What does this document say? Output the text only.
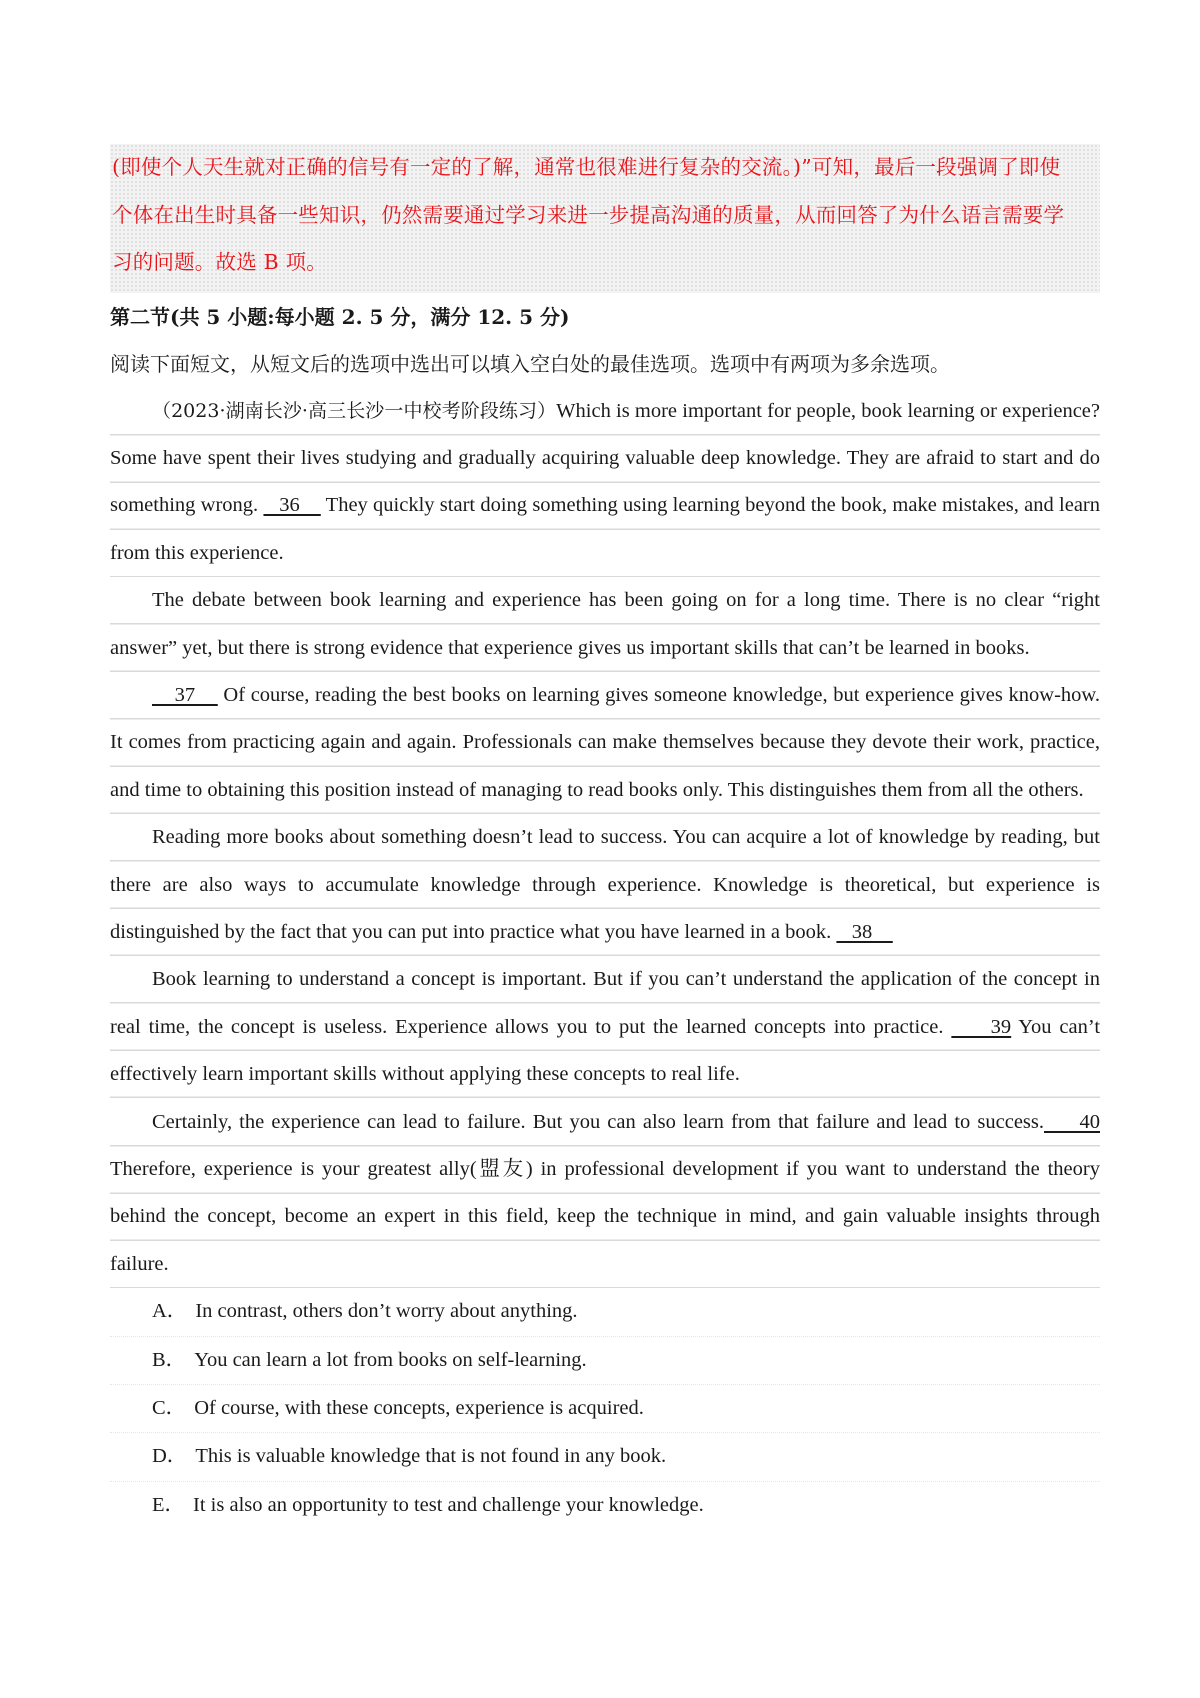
(即使个人天生就对正确的信号有一定的了解，通常也很难进行复杂的交流。)”可知，最后一段强调了即使

个体在出生时具备一些知识，仍然需要通过学习来进一步提高沟通的质量，从而回答了为什么语言需要学

习的问题。故选 B 项。

第二节(共 5 小题:每小题 2. 5 分，满分 12. 5 分)

阅读下面短文，从短文后的选项中选出可以填入空白处的最佳选项。选项中有两项为多余选项。

（2023·湖南长沙·高三长沙一中校考阶段练习）Which is more important for people, book learning or experience? Some have spent their lives studying and gradually acquiring valuable deep knowledge. They are afraid to start and do something wrong.    36     They quickly start doing something using learning beyond the book, make mistakes, and learn from this experience.

The debate between book learning and experience has been going on for a long time. There is no clear “right answer” yet, but there is strong evidence that experience gives us important skills that can’t be learned in books.

37     Of course, reading the best books on learning gives someone knowledge, but experience gives know-how. It comes from practicing again and again. Professionals can make themselves because they devote their work, practice, and time to obtaining this position instead of managing to read books only. This distinguishes them from all the others.

Reading more books about something doesn’t lead to success. You can acquire a lot of knowledge by reading, but there are also ways to accumulate knowledge through experience. Knowledge is theoretical, but experience is distinguished by the fact that you can put into practice what you have learned in a book.    38

Book learning to understand a concept is important. But if you can’t understand the application of the concept in real time, the concept is useless. Experience allows you to put the learned concepts into practice.      39 You can’t effectively learn important skills without applying these concepts to real life.

Certainly, the experience can lead to failure. But you can also learn from that failure and lead to success.     40 Therefore, experience is your greatest ally(盟友) in professional development if you want to understand the theory behind the concept, become an expert in this field, keep the technique in mind, and gain valuable insights through failure.

A． In contrast, others don’t worry about anything.
B． You can learn a lot from books on self-learning.
C． Of course, with these concepts, experience is acquired.
D． This is valuable knowledge that is not found in any book.
E． It is also an opportunity to test and challenge your knowledge.
